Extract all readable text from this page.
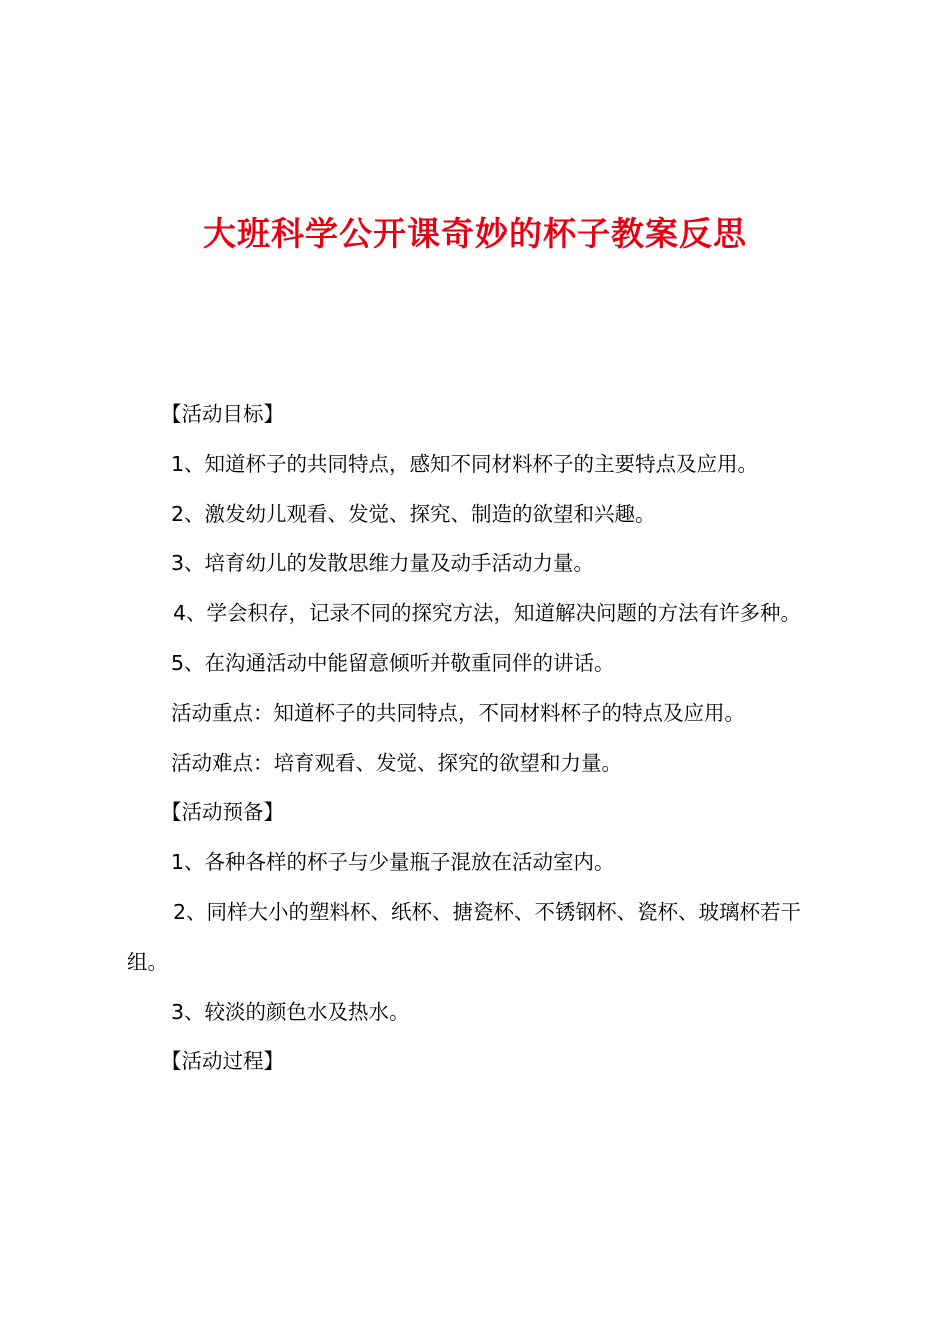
大班科学公开课奇妙的杯子教案反思

【活动目标】

1、知道杯子的共同特点，感知不同材料杯子的主要特点及应用。

2、激发幼儿观看、发觉、探究、制造的欲望和兴趣。

3、培育幼儿的发散思维力量及动手活动力量。

4、学会积存，记录不同的探究方法，知道解决问题的方法有许多种。

5、在沟通活动中能留意倾听并敬重同伴的讲话。

活动重点：知道杯子的共同特点，不同材料杯子的特点及应用。

活动难点：培育观看、发觉、探究的欲望和力量。

【活动预备】

1、各种各样的杯子与少量瓶子混放在活动室内。

2、同样大小的塑料杯、纸杯、搪瓷杯、不锈钢杯、瓷杯、玻璃杯若干组。

3、较淡的颜色水及热水。

【活动过程】
